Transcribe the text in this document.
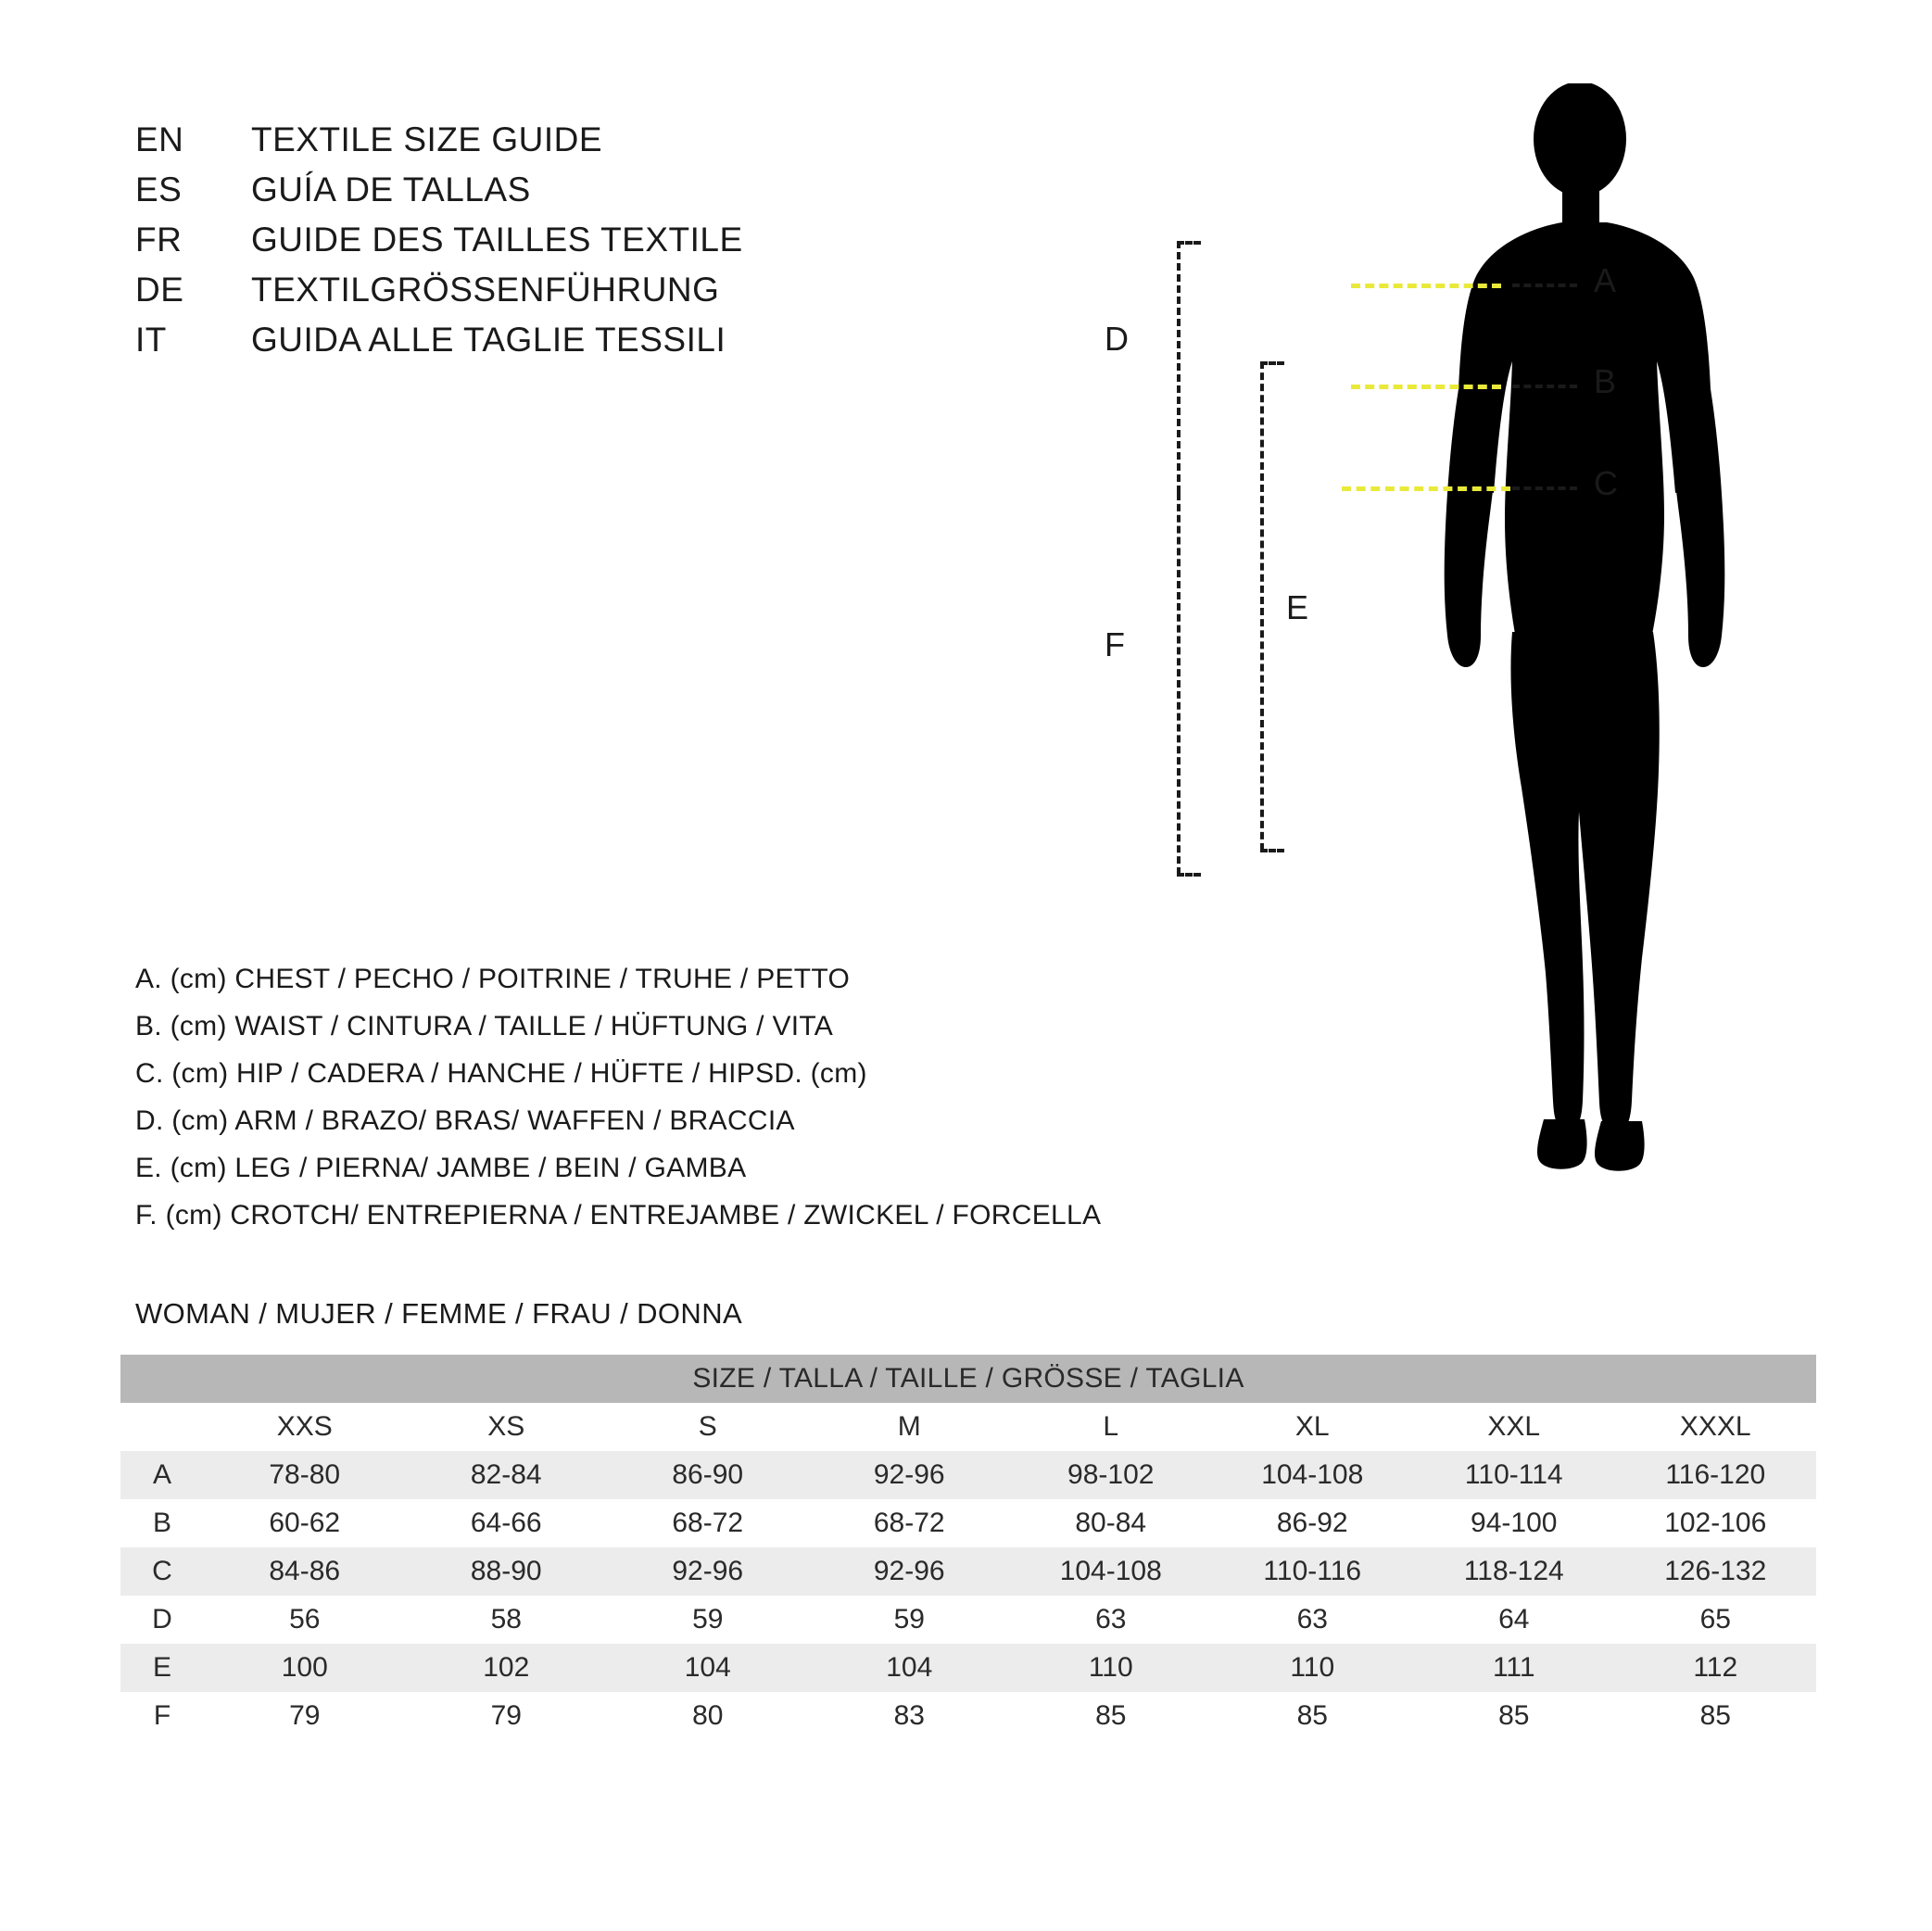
EN	TEXTILE SIZE GUIDE
ES	GUÍA DE TALLAS
FR	GUIDE DES TAILLES TEXTILE
DE	TEXTILGRÖSSENFÜHRUNG
IT	GUIDA ALLE TAGLIE TESSILI
A
B
C
D
F
E
A. (cm) CHEST / PECHO / POITRINE / TRUHE / PETTO
B. (cm) WAIST / CINTURA / TAILLE / HÜFTUNG / VITA
C. (cm) HIP / CADERA / HANCHE / HÜFTE / HIPSD. (cm)
D. (cm) ARM / BRAZO/ BRAS/ WAFFEN / BRACCIA
E. (cm) LEG / PIERNA/ JAMBE / BEIN / GAMBA
F. (cm) CROTCH/ ENTREPIERNA / ENTREJAMBE / ZWICKEL / FORCELLA
WOMAN / MUJER / FEMME / FRAU / DONNA
SIZE / TALLA / TAILLE / GRÖSSE / TAGLIA								
	XXS	XS	S	M	L	XL	XXL	XXXL
A	78-80	82-84	86-90	92-96	98-102	104-108	110-114	116-120
B	60-62	64-66	68-72	68-72	80-84	86-92	94-100	102-106
C	84-86	88-90	92-96	92-96	104-108	110-116	118-124	126-132
D	56	58	59	59	63	63	64	65
E	100	102	104	104	110	110	111	112
F	79	79	80	83	85	85	85	85
